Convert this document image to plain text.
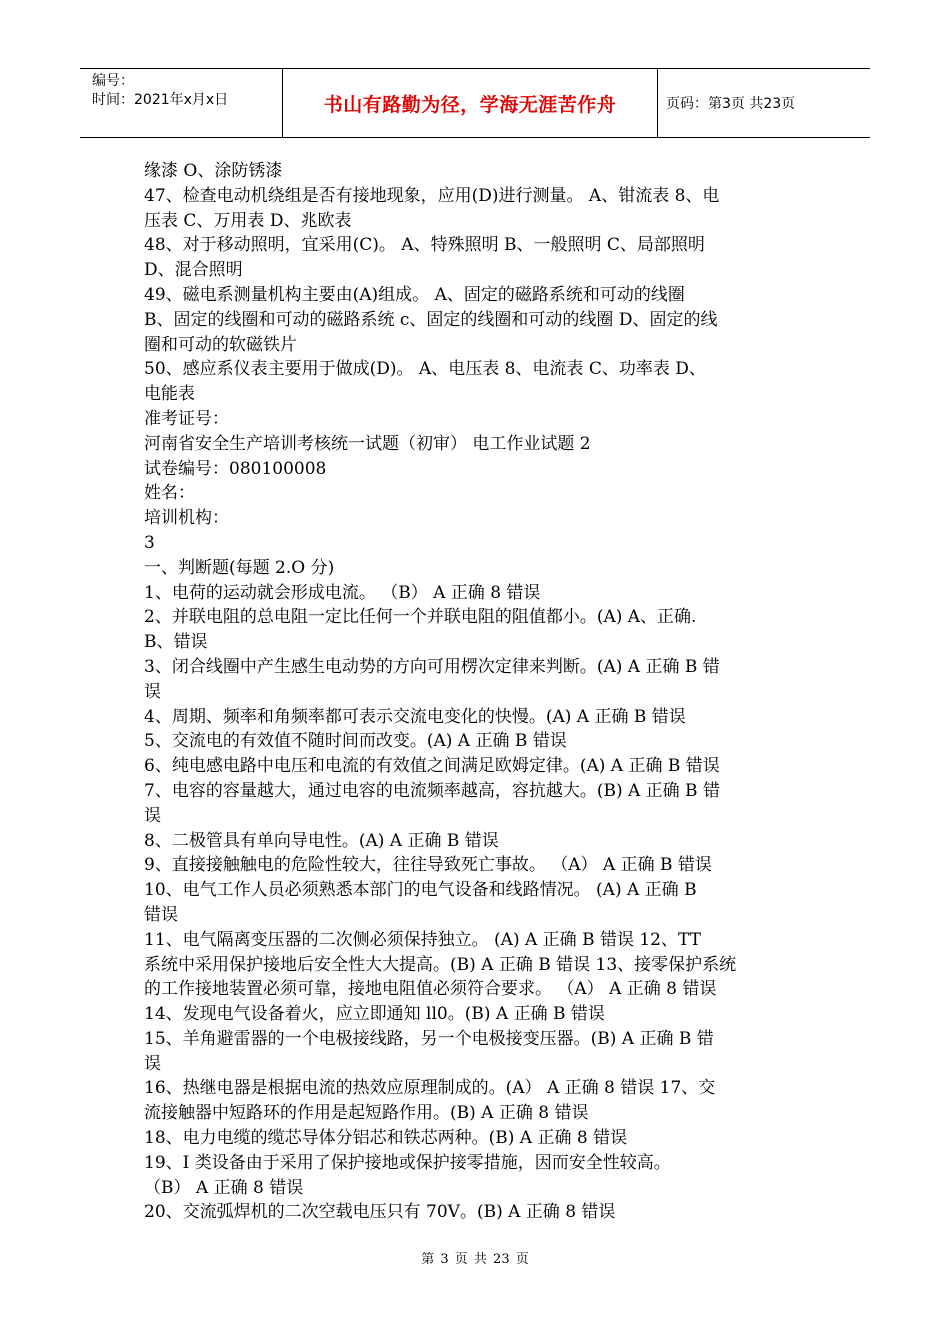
编号：
时间：2021年x月x日	书山有路勤为径，学海无涯苦作舟	页码：第3页 共23页

缘漆 O、涂防锈漆

47、检查电动机绕组是否有接地现象，应用(D)进行测量。 A、钳流表 8、电

压表 C、万用表 D、兆欧表

48、对于移动照明，宜采用(C)。 A、特殊照明 B、一般照明 C、局部照明

D、混合照明

49、磁电系测量机构主要由(A)组成。 A、固定的磁路系统和可动的线圈

B、固定的线圈和可动的磁路系统 c、固定的线圈和可动的线圈 D、固定的线

圈和可动的软磁铁片

50、感应系仪表主要用于做成(D)。 A、电压表 8、电流表 C、功率表 D、

电能表

准考证号：

河南省安全生产培训考核统一试题（初审） 电工作业试题 2

试卷编号：080100008

姓名：

培训机构：

3

一、判断题(每题 2.O 分)

1、电荷的运动就会形成电流。 （B） A 正确 8 错误

2、并联电阻的总电阻一定比任何一个并联电阻的阻值都小。(A) A、正确.

B、错误

3、闭合线圈中产生感生电动势的方向可用楞次定律来判断。(A) A 正确 B 错

误

4、周期、频率和角频率都可表示交流电变化的快慢。(A) A 正确 B 错误

5、交流电的有效值不随时间而改变。(A) A 正确 B 错误

6、纯电感电路中电压和电流的有效值之间满足欧姆定律。(A) A 正确 B 错误

7、电容的容量越大，通过电容的电流频率越高，容抗越大。(B) A 正确 B 错

误

8、二极管具有单向导电性。(A) A 正确 B 错误

9、直接接触触电的危险性较大，往往导致死亡事故。 （A） A 正确 B 错误

10、电气工作人员必须熟悉本部门的电气设备和线路情况。 (A) A 正确 B

错误

11、电气隔离变压器的二次侧必须保持独立。 (A) A 正确 B 错误 12、TT

系统中采用保护接地后安全性大大提高。(B) A 正确 B 错误 13、接零保护系统

的工作接地装置必须可靠，接地电阻值必须符合要求。 （A） A 正确 8 错误

14、发现电气设备着火，应立即通知 ll0。(B) A 正确 B 错误

15、羊角避雷器的一个电极接线路，另一个电极接变压器。(B) A 正确 B 错

误

16、热继电器是根据电流的热效应原理制成的。(A） A 正确 8 错误 17、交

流接触器中短路环的作用是起短路作用。(B) A 正确 8 错误

18、电力电缆的缆芯导体分铝芯和铁芯两种。(B) A 正确 8 错误

19、I 类设备由于采用了保护接地或保护接零措施，因而安全性较高。

（B） A 正确 8 错误

20、交流弧焊机的二次空载电压只有 70V。(B) A 正确 8 错误

第 3 页 共 23 页
